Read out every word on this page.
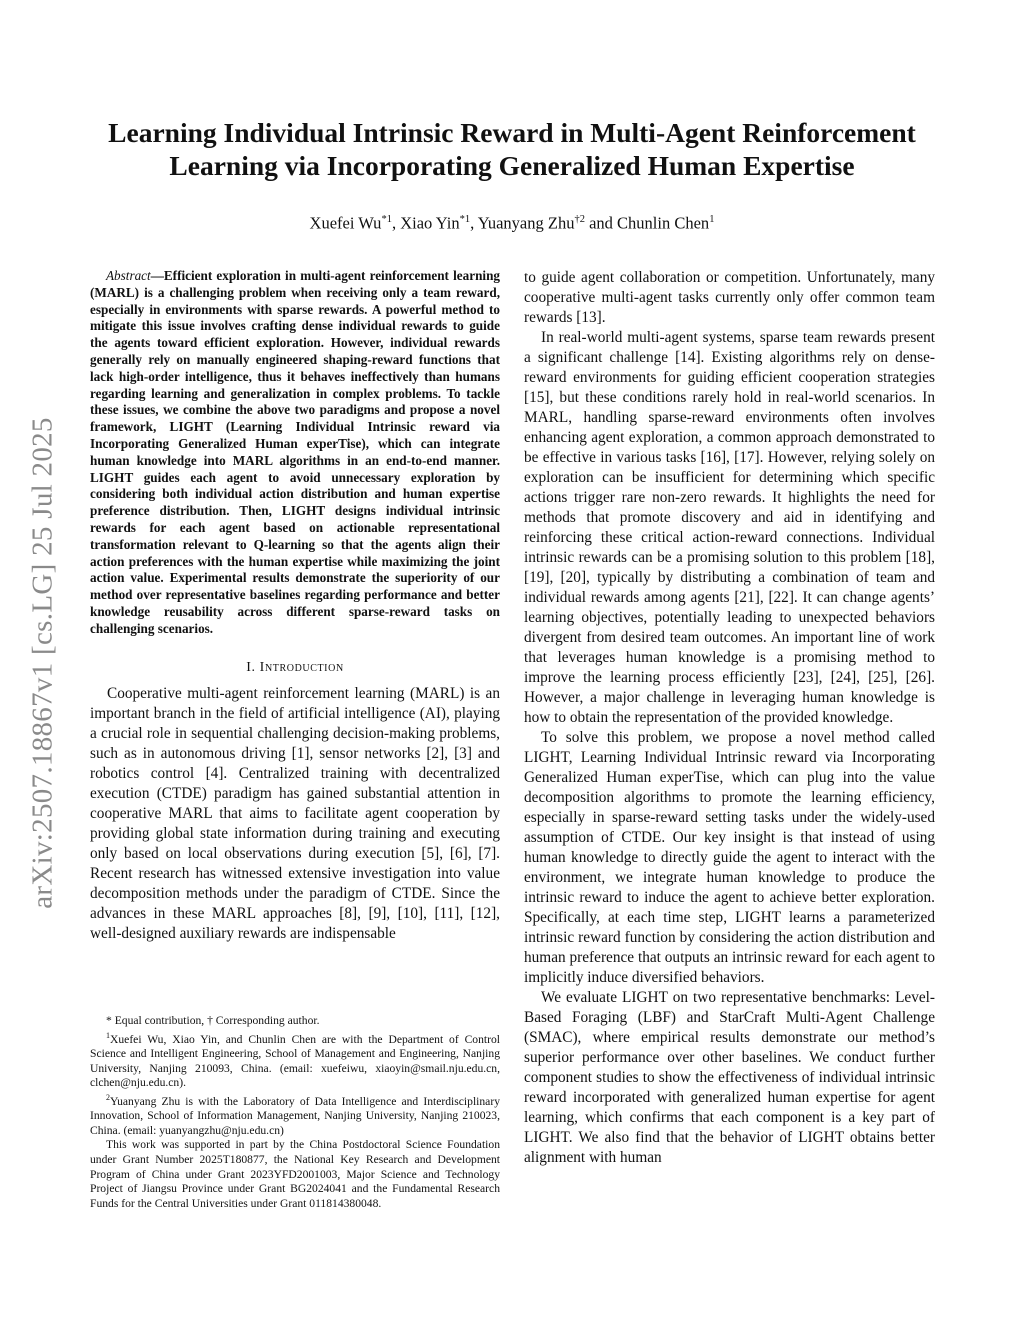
arXiv:2507.18867v1 [cs.LG] 25 Jul 2025
Learning Individual Intrinsic Reward in Multi-Agent Reinforcement
Learning via Incorporating Generalized Human Expertise
Xuefei Wu$^{*1}$, Xiao Yin$^{*1}$, Yuanyang Zhu$^{\dagger 2}$ and Chunlin Chen$^1$

Abstract—Efficient exploration in multi-agent reinforcement learning (MARL) is a challenging problem when receiving only a team reward, especially in environments with sparse rewards. A powerful method to mitigate this issue involves crafting dense individual rewards to guide the agents toward efficient exploration. However, individual rewards generally rely on manually engineered shaping-reward functions that lack high-order intelligence, thus it behaves ineffectively than humans regarding learning and generalization in complex problems. To tackle these issues, we combine the above two paradigms and propose a novel framework, LIGHT (Learning Individual Intrinsic reward via Incorporating Generalized Human experTise), which can integrate human knowledge into MARL algorithms in an end-to-end manner. LIGHT guides each agent to avoid unnecessary exploration by considering both individual action distribution and human expertise preference distribution. Then, LIGHT designs individual intrinsic rewards for each agent based on actionable representational transformation relevant to Q-learning so that the agents align their action preferences with the human expertise while maximizing the joint action value. Experimental results demonstrate the superiority of our method over representative baselines regarding performance and better knowledge reusability across different sparse-reward tasks on challenging scenarios.

I. Introduction

Cooperative multi-agent reinforcement learning (MARL) is an important branch in the field of artificial intelligence (AI), playing a crucial role in sequential challenging decision-making problems, such as in autonomous driving [1], sensor networks [2], [3] and robotics control [4]. Centralized training with decentralized execution (CTDE) paradigm has gained substantial attention in cooperative MARL that aims to facilitate agent cooperation by providing global state information during training and executing only based on local observations during execution [5], [6], [7]. Recent research has witnessed extensive investigation into value decomposition methods under the paradigm of CTDE. Since the advances in these MARL approaches [8], [9], [10], [11], [12], well-designed auxiliary rewards are indispensable

* Equal contribution, † Corresponding author.

$^1$Xuefei Wu, Xiao Yin, and Chunlin Chen are with the Department of Control Science and Intelligent Engineering, School of Management and Engineering, Nanjing University, Nanjing 210093, China. (email: xuefeiwu, xiaoyin@smail.nju.edu.cn, clchen@nju.edu.cn).

$^2$Yuanyang Zhu is with the Laboratory of Data Intelligence and Interdisciplinary Innovation, School of Information Management, Nanjing University, Nanjing 210023, China. (email: yuanyangzhu@nju.edu.cn)

This work was supported in part by the China Postdoctoral Science Foundation under Grant Number 2025T180877, the National Key Research and Development Program of China under Grant 2023YFD2001003, Major Science and Technology Project of Jiangsu Province under Grant BG2024041 and the Fundamental Research Funds for the Central Universities under Grant 011814380048.

to guide agent collaboration or competition. Unfortunately, many cooperative multi-agent tasks currently only offer common team rewards [13].

In real-world multi-agent systems, sparse team rewards present a significant challenge [14]. Existing algorithms rely on dense-reward environments for guiding efficient cooperation strategies [15], but these conditions rarely hold in real-world scenarios. In MARL, handling sparse-reward environments often involves enhancing agent exploration, a common approach demonstrated to be effective in various tasks [16], [17]. However, relying solely on exploration can be insufficient for determining which specific actions trigger rare non-zero rewards. It highlights the need for methods that promote discovery and aid in identifying and reinforcing these critical action-reward connections. Individual intrinsic rewards can be a promising solution to this problem [18], [19], [20], typically by distributing a combination of team and individual rewards among agents [21], [22]. It can change agents’ learning objectives, potentially leading to unexpected behaviors divergent from desired team outcomes. An important line of work that leverages human knowledge is a promising method to improve the learning process efficiently [23], [24], [25], [26]. However, a major challenge in leveraging human knowledge is how to obtain the representation of the provided knowledge.

To solve this problem, we propose a novel method called LIGHT, Learning Individual Intrinsic reward via Incorporating Generalized Human experTise, which can plug into the value decomposition algorithms to promote the learning efficiency, especially in sparse-reward setting tasks under the widely-used assumption of CTDE. Our key insight is that instead of using human knowledge to directly guide the agent to interact with the environment, we integrate human knowledge to produce the intrinsic reward to induce the agent to achieve better exploration. Specifically, at each time step, LIGHT learns a parameterized intrinsic reward function by considering the action distribution and human preference that outputs an intrinsic reward for each agent to implicitly induce diversified behaviors.

We evaluate LIGHT on two representative benchmarks: Level-Based Foraging (LBF) and StarCraft Multi-Agent Challenge (SMAC), where empirical results demonstrate our method’s superior performance over other baselines. We conduct further component studies to show the effectiveness of individual intrinsic reward incorporated with generalized human expertise for agent learning, which confirms that each component is a key part of LIGHT. We also find that the behavior of LIGHT obtains better alignment with human
